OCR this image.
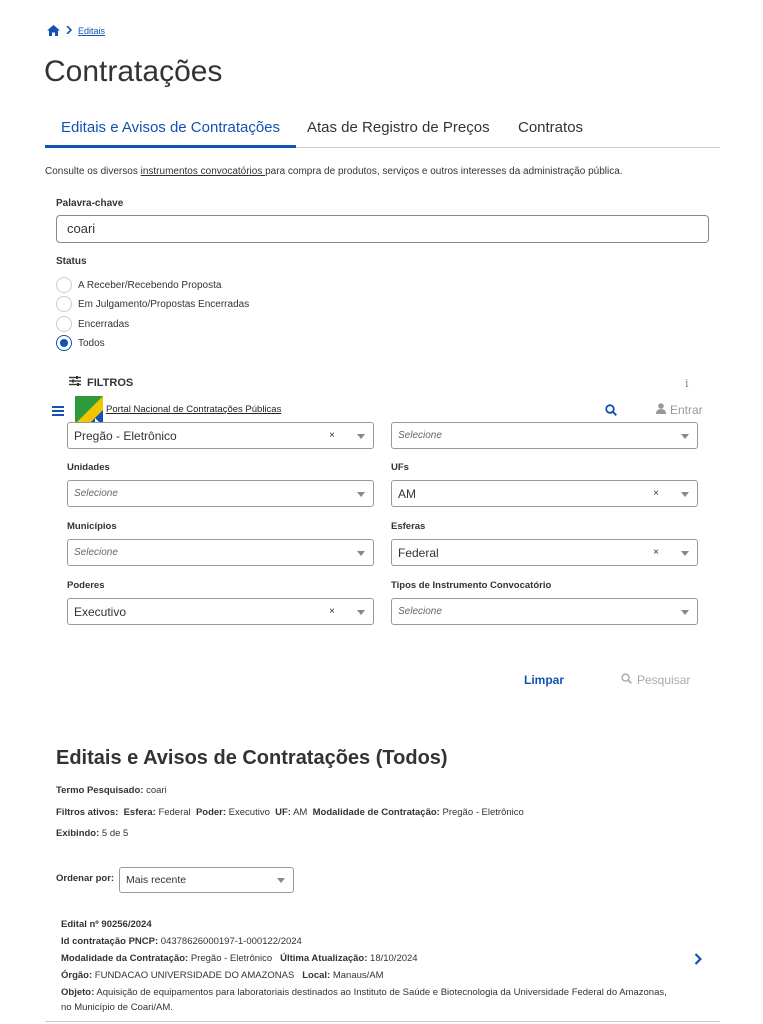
Editais
Contratações
Editais e Avisos de Contratações	Atas de Registro de Preços	Contratos

Consulte os diversos instrumentos convocatórios para compra de produtos, serviços e outros interesses da administração pública.

Palavra-chave
coari
Status
A Receber/Recebendo Proposta
Em Julgamento/Propostas Encerradas
Encerradas
Todos
FILTROS	i
Portal Nacional de Contratações Públicas	Entrar
Pregão - Eletrônico	×	Selecione
Unidades
Selecione
UFs
AM	×
Municípios
Selecione
Esferas
Federal	×
Poderes
Executivo	×
Tipos de Instrumento Convocatório
Selecione
Limpar	Pesquisar
Editais e Avisos de Contratações (Todos)
Termo Pesquisado: coari
Filtros ativos: Esfera: Federal Poder: Executivo UF: AM Modalidade de Contratação: Pregão - Eletrônico
Exibindo: 5 de 5
Ordenar por: Mais recente
Edital nº 90256/2024
Id contratação PNCP: 04378626000197-1-000122/2024
Modalidade da Contratação: Pregão - Eletrônico Última Atualização: 18/10/2024
Órgão: FUNDACAO UNIVERSIDADE DO AMAZONAS Local: Manaus/AM
Objeto: Aquisição de equipamentos para laboratoriais destinados ao Instituto de Saúde e Biotecnologia da Universidade Federal do Amazonas, no Município de Coari/AM.
